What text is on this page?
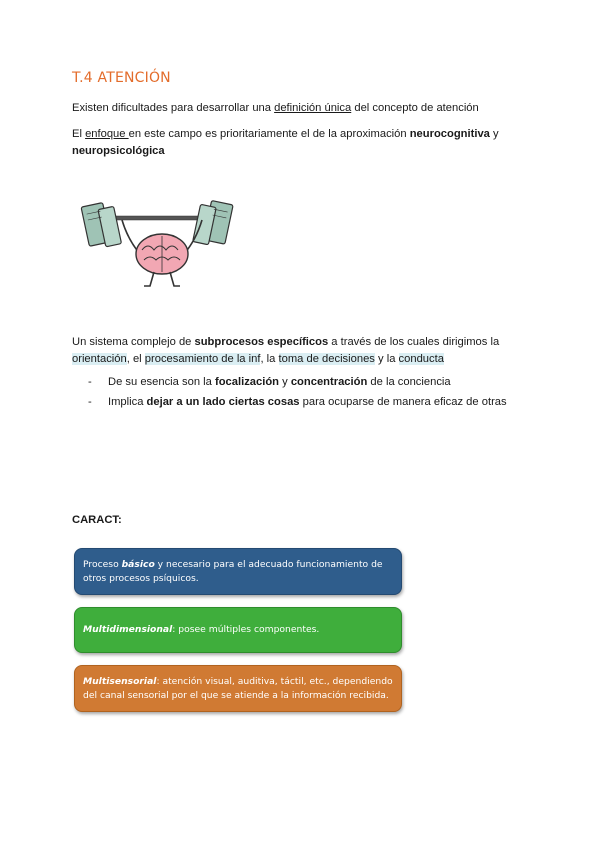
T.4 ATENCIÓN

Existen dificultades para desarrollar una definición única del concepto de atención

El enfoque en este campo es prioritariamente el de la aproximación neurocognitiva y neuropsicológica

Un sistema complejo de subprocesos específicos a través de los cuales dirigimos la orientación, el procesamiento de la inf, la toma de decisiones y la conducta

- De su esencia son la focalización y concentración de la conciencia
- Implica dejar a un lado ciertas cosas para ocuparse de manera eficaz de otras

CARACT:

Proceso básico y necesario para el adecuado funcionamiento de otros procesos psíquicos.
Multidimensional: posee múltiples componentes.
Multisensorial: atención visual, auditiva, táctil, etc., dependiendo del canal sensorial por el que se atiende a la información recibida.
